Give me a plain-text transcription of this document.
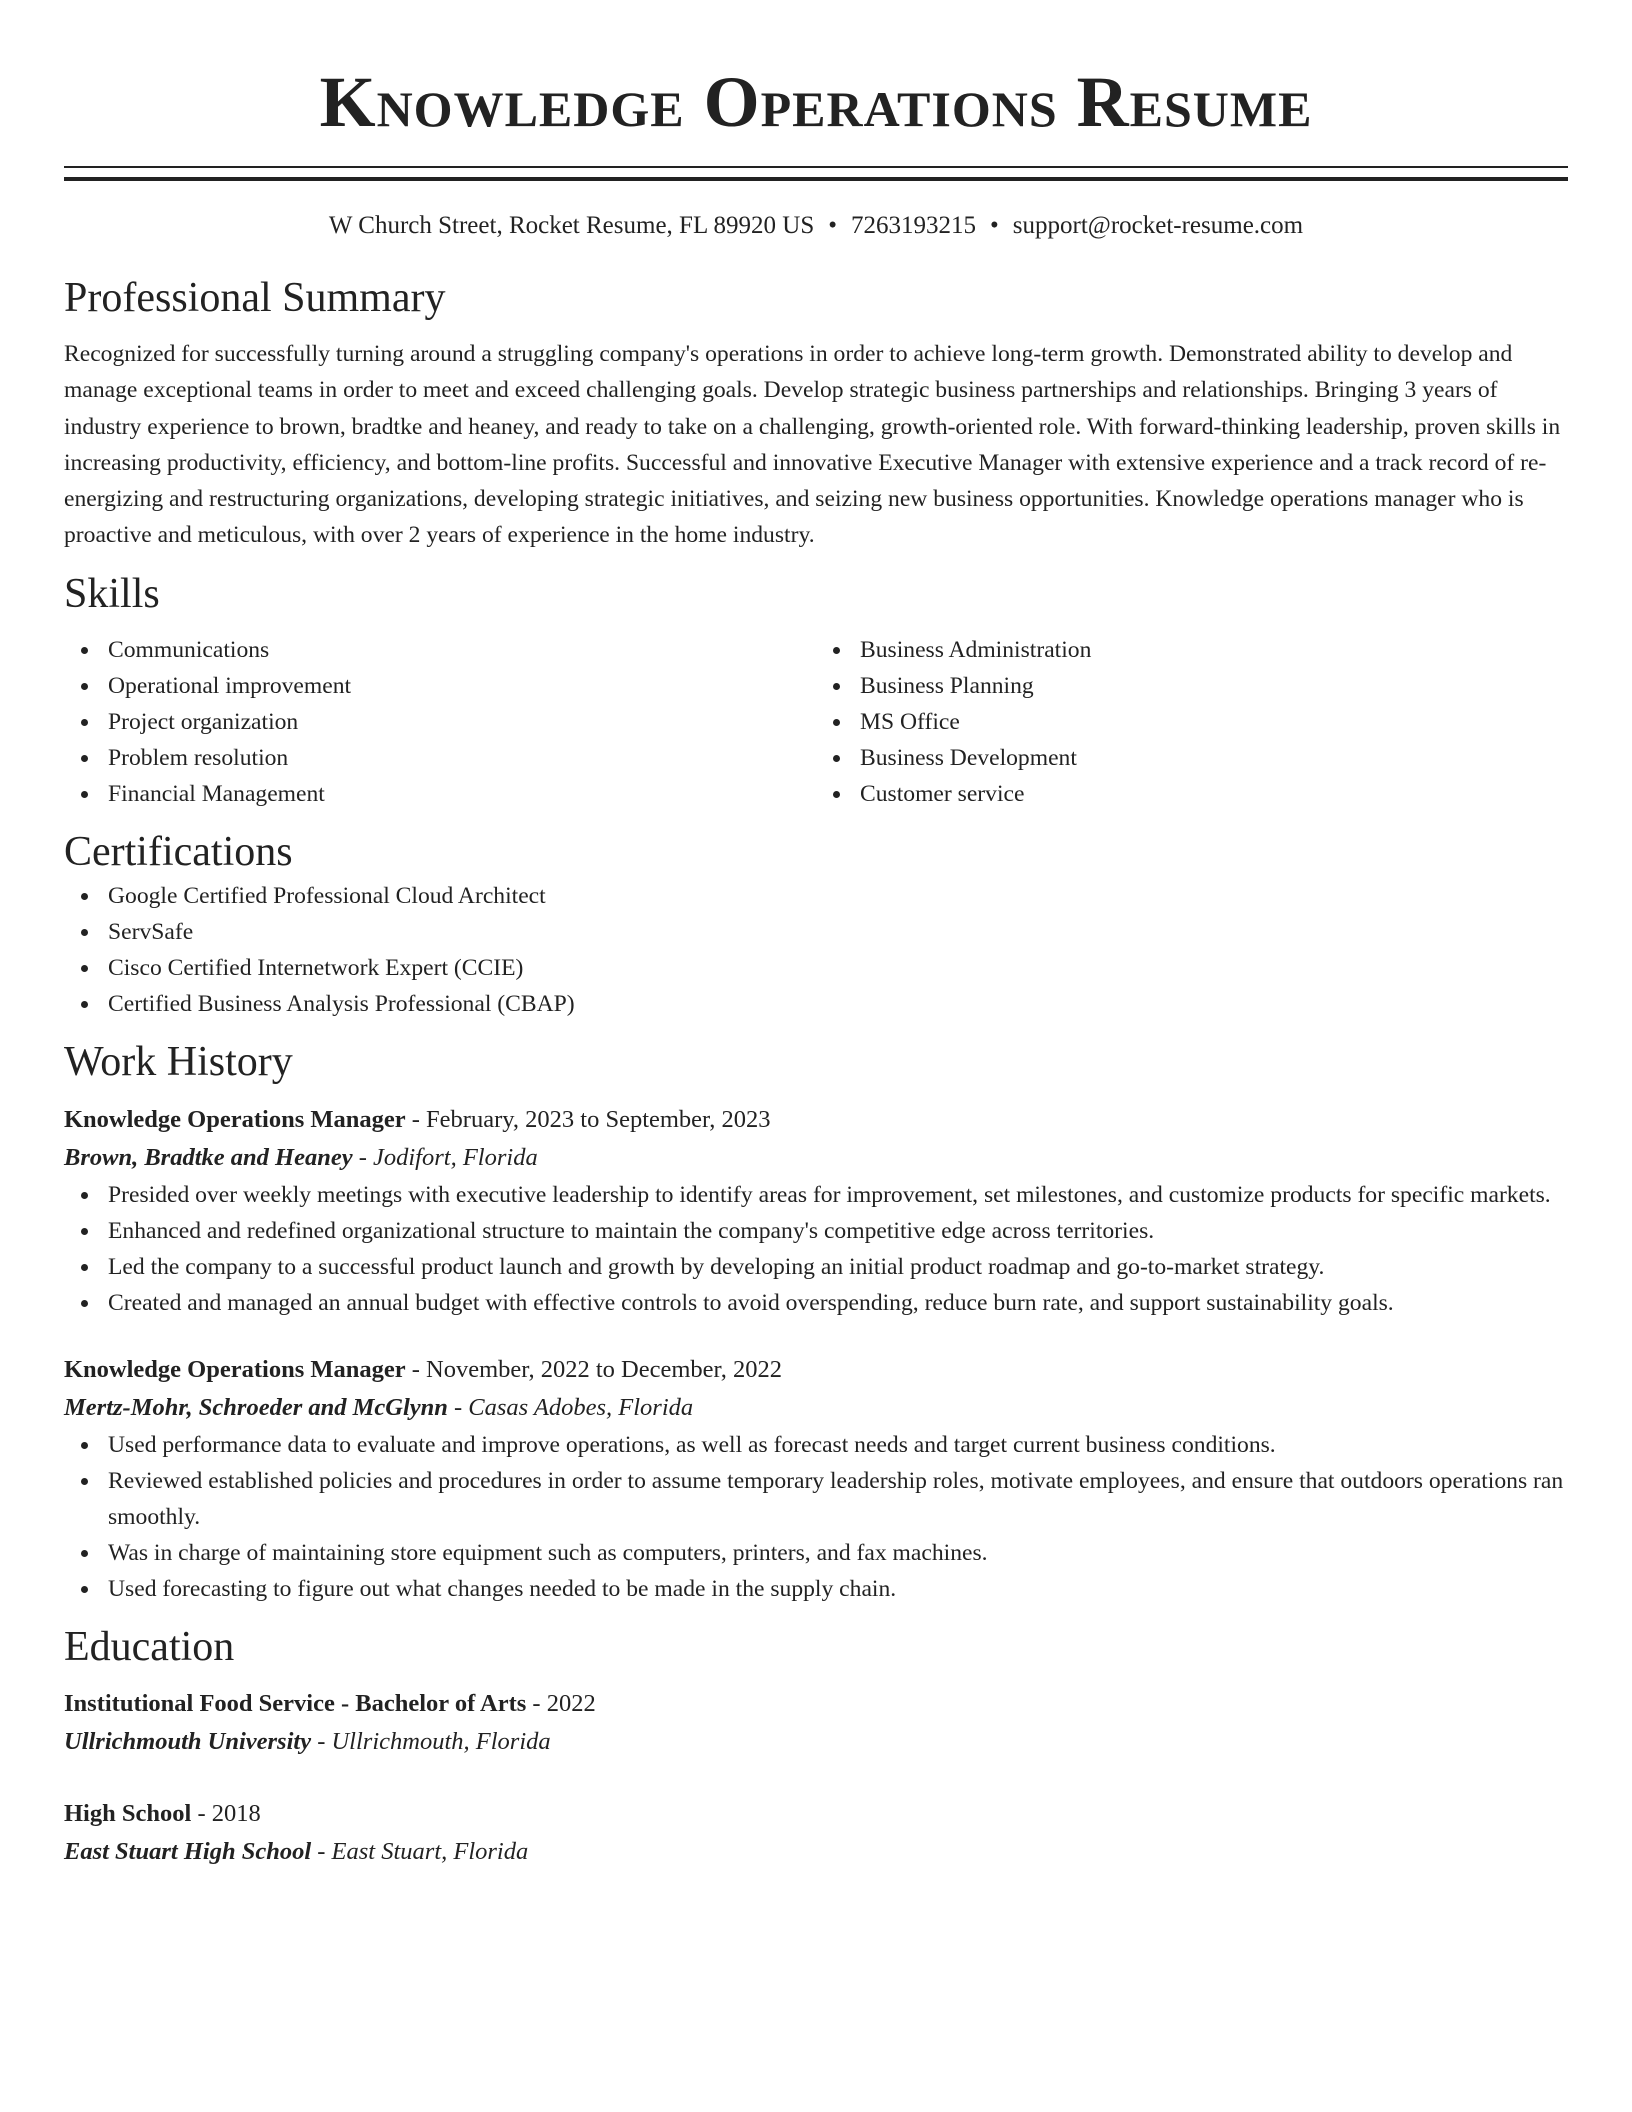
Knowledge Operations Resume
W Church Street, Rocket Resume, FL 89920 US • 7263193215 • support@rocket-resume.com
Professional Summary

Recognized for successfully turning around a struggling company's operations in order to achieve long-term growth. Demonstrated ability to develop and manage exceptional teams in order to meet and exceed challenging goals. Develop strategic business partnerships and relationships. Bringing 3 years of industry experience to brown, bradtke and heaney, and ready to take on a challenging, growth-oriented role. With forward-thinking leadership, proven skills in increasing productivity, efficiency, and bottom-line profits. Successful and innovative Executive Manager with extensive experience and a track record of re-energizing and restructuring organizations, developing strategic initiatives, and seizing new business opportunities. Knowledge operations manager who is proactive and meticulous, with over 2 years of experience in the home industry.

Skills
Communications
Operational improvement
Project organization
Problem resolution
Financial Management
Business Administration
Business Planning
MS Office
Business Development
Customer service
Certifications
Google Certified Professional Cloud Architect
ServSafe
Cisco Certified Internetwork Expert (CCIE)
Certified Business Analysis Professional (CBAP)
Work History
Knowledge Operations Manager - February, 2023 to September, 2023
Brown, Bradtke and Heaney - Jodifort, Florida
Presided over weekly meetings with executive leadership to identify areas for improvement, set milestones, and customize products for specific markets.
Enhanced and redefined organizational structure to maintain the company's competitive edge across territories.
Led the company to a successful product launch and growth by developing an initial product roadmap and go-to-market strategy.
Created and managed an annual budget with effective controls to avoid overspending, reduce burn rate, and support sustainability goals.
Knowledge Operations Manager - November, 2022 to December, 2022
Mertz-Mohr, Schroeder and McGlynn - Casas Adobes, Florida
Used performance data to evaluate and improve operations, as well as forecast needs and target current business conditions.
Reviewed established policies and procedures in order to assume temporary leadership roles, motivate employees, and ensure that outdoors operations ran smoothly.
Was in charge of maintaining store equipment such as computers, printers, and fax machines.
Used forecasting to figure out what changes needed to be made in the supply chain.
Education
Institutional Food Service - Bachelor of Arts - 2022
Ullrichmouth University - Ullrichmouth, Florida
High School - 2018
East Stuart High School - East Stuart, Florida
